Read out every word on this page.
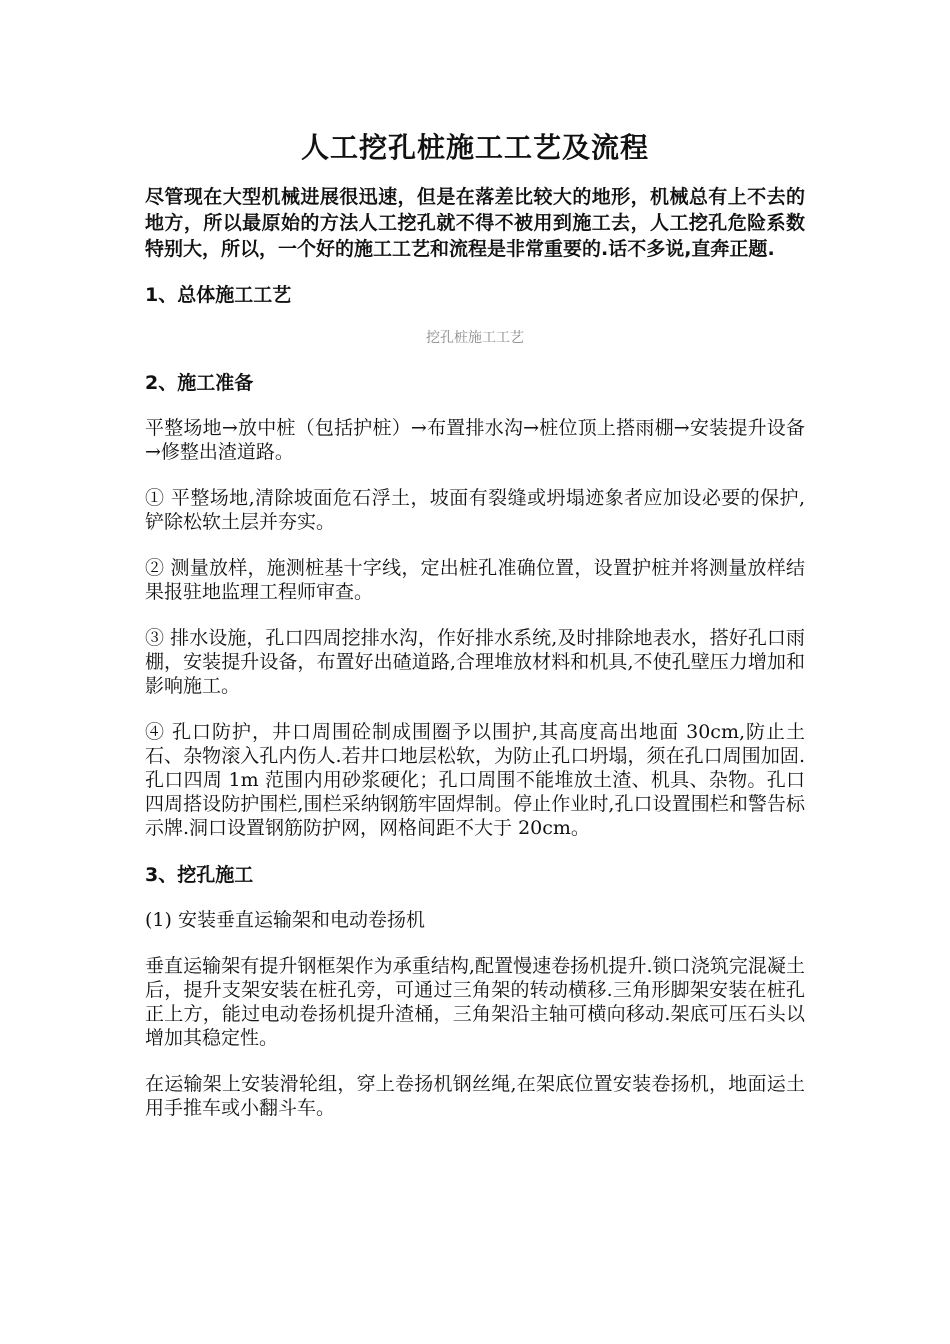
人工挖孔桩施工工艺及流程

尽管现在大型机械进展很迅速，但是在落差比较大的地形，机械总有上不去的地方，所以最原始的方法人工挖孔就不得不被用到施工去，人工挖孔危险系数特别大，所以，一个好的施工工艺和流程是非常重要的.话不多说,直奔正题.

1、总体施工工艺

挖孔桩施工工艺

2、施工准备

平整场地→放中桩（包括护桩）→布置排水沟→桩位顶上搭雨棚→安装提升设备→修整出渣道路。

① 平整场地,清除坡面危石浮土，坡面有裂缝或坍塌迹象者应加设必要的保护,铲除松软土层并夯实。

② 测量放样，施测桩基十字线，定出桩孔准确位置，设置护桩并将测量放样结果报驻地监理工程师审查。

③ 排水设施，孔口四周挖排水沟，作好排水系统,及时排除地表水，搭好孔口雨棚，安装提升设备，布置好出碴道路,合理堆放材料和机具,不使孔壁压力增加和影响施工。

④ 孔口防护，井口周围砼制成围圈予以围护,其高度高出地面 30cm,防止土石、杂物滚入孔内伤人.若井口地层松软，为防止孔口坍塌，须在孔口周围加固.孔口四周 1m 范围内用砂浆硬化；孔口周围不能堆放土渣、机具、杂物。孔口四周搭设防护围栏,围栏采纳钢筋牢固焊制。停止作业时,孔口设置围栏和警告标示牌.洞口设置钢筋防护网，网格间距不大于 20cm。

3、挖孔施工

(1) 安装垂直运输架和电动卷扬机

垂直运输架有提升钢框架作为承重结构,配置慢速卷扬机提升.锁口浇筑完混凝土后，提升支架安装在桩孔旁，可通过三角架的转动横移.三角形脚架安装在桩孔正上方，能过电动卷扬机提升渣桶，三角架沿主轴可横向移动.架底可压石头以增加其稳定性。

在运输架上安装滑轮组，穿上卷扬机钢丝绳,在架底位置安装卷扬机，地面运土用手推车或小翻斗车。
